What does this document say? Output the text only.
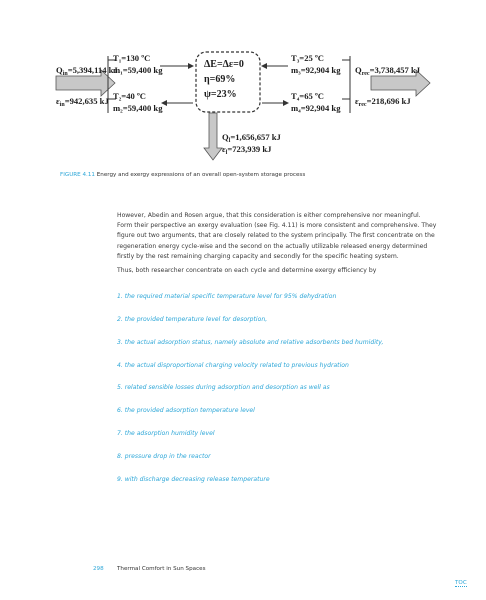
$Q_{in}=5,394,114$ kJ
$\varepsilon_{in}=942,635$ kJ
T₁=130 ºC
m₁=59,400 kg
T₂=40 ºC
m₂=59,400 kg
ΔE=Δε=0
η=69%
ψ=23%
T₃=25 ºC
m₃=92,904 kg
T₄=65 ºC
m₄=92,904 kg
$Q_{rec}=3,738,457$ kJ
$\varepsilon_{rec}=218,696$ kJ
$Q_l=1,656,657$ kJ
$\varepsilon_l=723,939$ kJ
FIGURE 4.11 Energy and exergy expressions of an overall open-system storage process

However, Abedin and Rosen argue, that this consideration is either comprehensive nor meaningful. Form their perspective an exergy evaluation (see Fig. 4.11) is more consistent and comprehensive. They figure out two arguments, that are closely related to the system principally. The first concentrate on the regeneration energy cycle-wise and the second on the actually utilizable released energy determined firstly by the rest remaining charging capacity and secondly for the specific heating system.

Thus, both researcher concentrate on each cycle and determine exergy efficiency by

1. the required material specific temperature level for 95% dehydration
2. the provided temperature level for desorption,
3. the actual adsorption status, namely absolute and relative adsorbents bed humidity,
4. the actual disproportional charging velocity related to previous hydration
5. related sensible losses during adsorption and desorption as well as
6. the provided adsorption temperature level
7. the adsorption humidity level
8. pressure drop in the reactor
9. with discharge decreasing release temperature
298 Thermal Comfort in Sun Spaces
TOC
